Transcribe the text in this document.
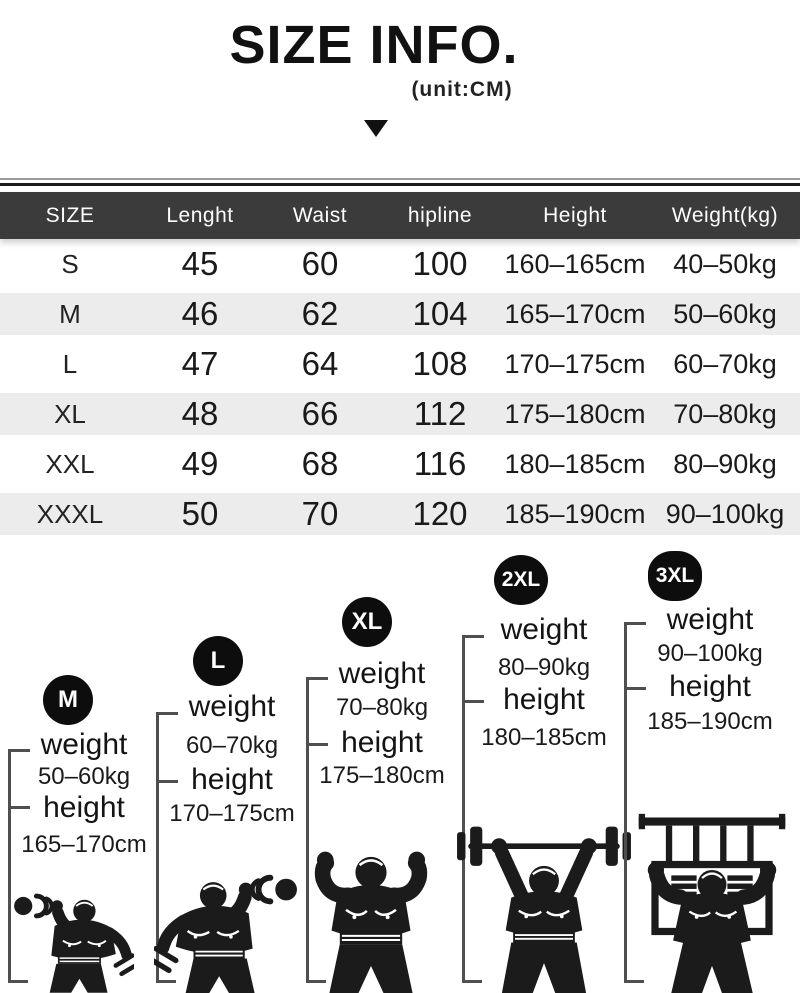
SIZE INFO.
(unit:CM)
SIZE	Lenght	Waist	hipline	Height	Weight(kg)
S	45	60	100	160–165cm	40–50kg
M	46	62	104	165–170cm	50–60kg
L	47	64	108	170–175cm	60–70kg
XL	48	66	112	175–180cm	70–80kg
XXL	49	68	116	180–185cm	80–90kg
XXXL	50	70	120	185–190cm 90–100kg
M
weight
50–60kg
height
165–170cm
L
weight
60–70kg
height
170–175cm
XL
weight
70–80kg
height
175–180cm
2XL
weight
80–90kg
height
180–185cm
3XL
weight
90–100kg
height
185–190cm
